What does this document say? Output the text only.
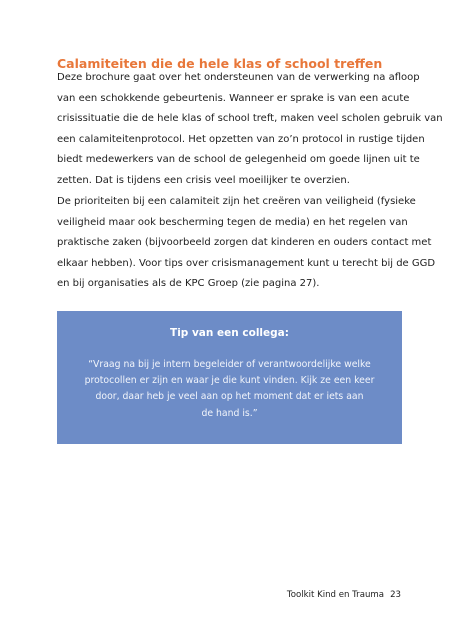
Calamiteiten die de hele klas of school treffen
Deze brochure gaat over het ondersteunen van de verwerking na afloop
van een schokkende gebeurtenis. Wanneer er sprake is van een acute
crisissituatie die de hele klas of school treft, maken veel scholen gebruik van
een calamiteitenprotocol. Het opzetten van zo’n protocol in rustige tijden
biedt medewerkers van de school de gelegenheid om goede lijnen uit te
zetten. Dat is tijdens een crisis veel moeilijker te overzien.
De prioriteiten bij een calamiteit zijn het creëren van veiligheid (fysieke
veiligheid maar ook bescherming tegen de media) en het regelen van
praktische zaken (bijvoorbeeld zorgen dat kinderen en ouders contact met
elkaar hebben). Voor tips over crisismanagement kunt u terecht bij de GGD
en bij organisaties als de KPC Groep (zie pagina 27).
Tip van een collega:
“Vraag na bij je intern begeleider of verantwoordelijke welke
protocollen er zijn en waar je die kunt vinden. Kijk ze een keer
door, daar heb je veel aan op het moment dat er iets aan
de hand is.”
Toolkit Kind en Trauma 23
